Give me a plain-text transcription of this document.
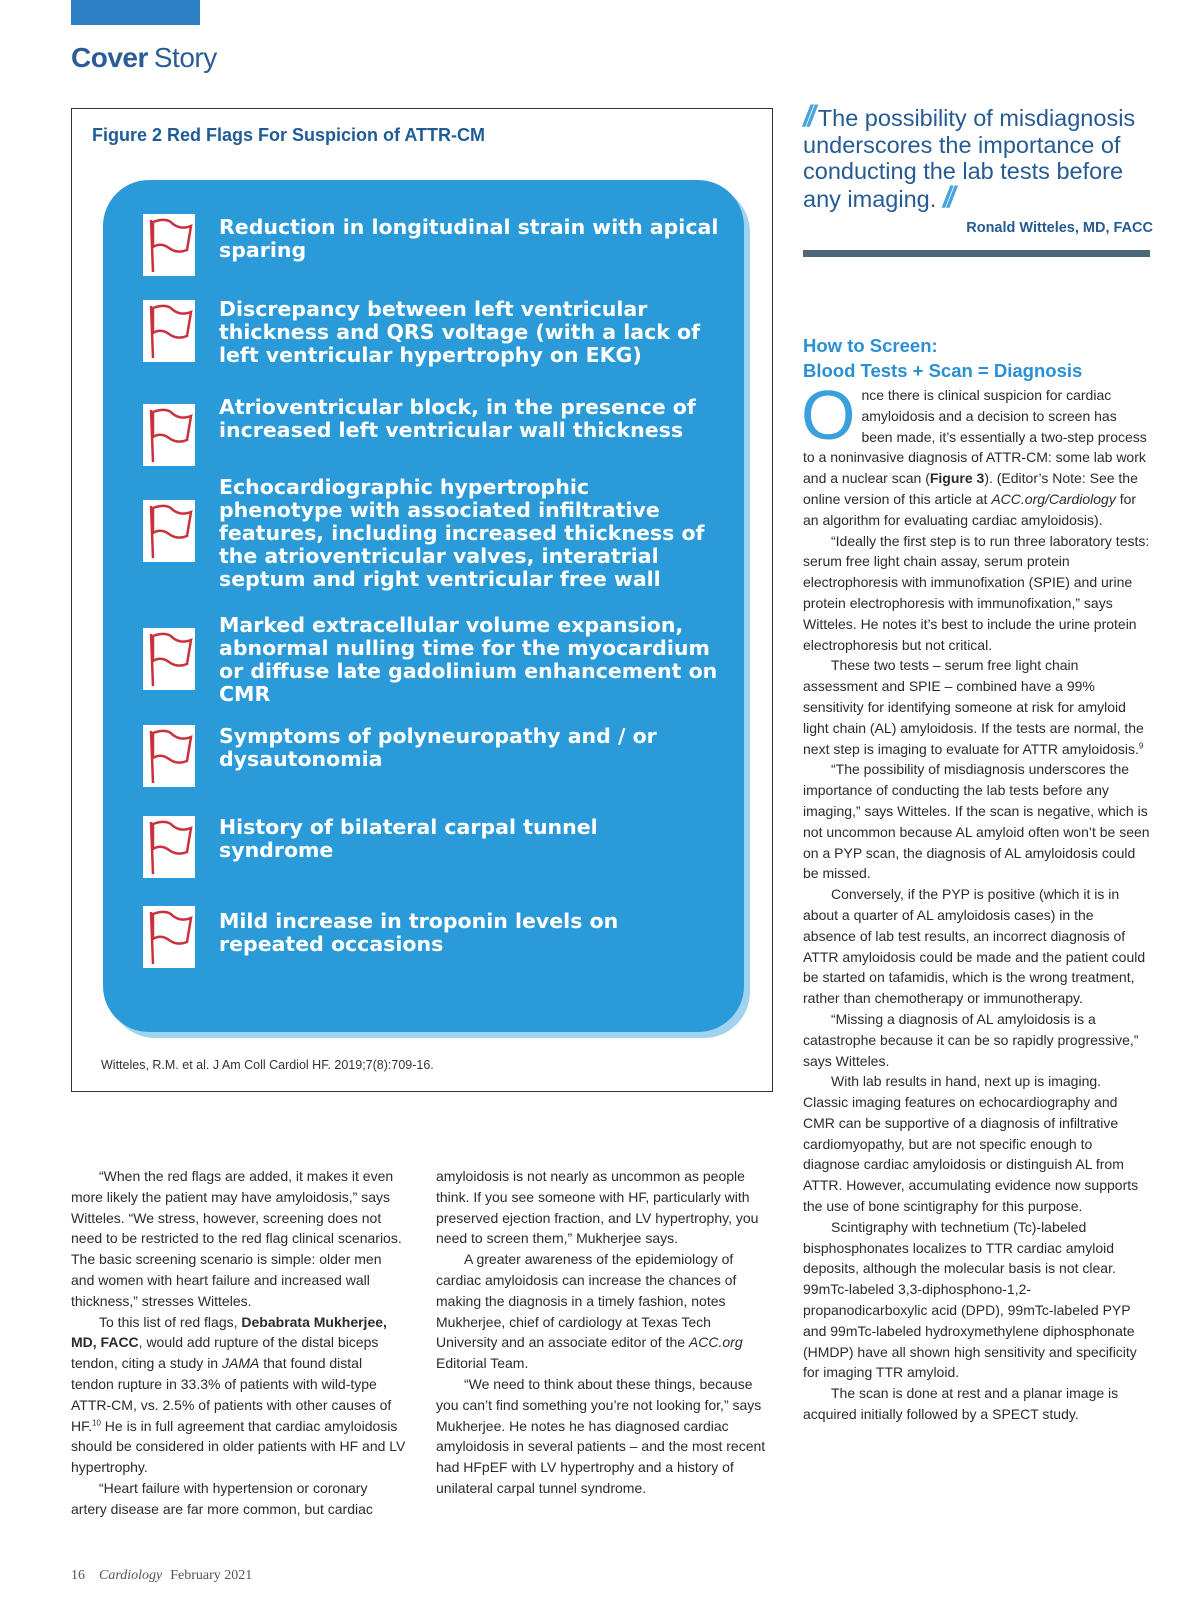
Cover Story
Figure 2 Red Flags For Suspicion of ATTR-CM
Reduction in longitudinal strain with apical sparing
Discrepancy between left ventricular thickness and QRS voltage (with a lack of left ventricular hypertrophy on EKG)
Atrioventricular block, in the presence of increased left ventricular wall thickness
Echocardiographic hypertrophic phenotype with associated infiltrative features, including increased thickness of the atrioventricular valves, interatrial septum and right ventricular free wall
Marked extracellular volume expansion, abnormal nulling time for the myocardium or diffuse late gadolinium enhancement on CMR
Symptoms of polyneuropathy and / or dysautonomia
History of bilateral carpal tunnel syndrome
Mild increase in troponin levels on repeated occasions
Witteles, R.M. et al. J Am Coll Cardiol HF. 2019;7(8):709-16.
// The possibility of misdiagnosis underscores the importance of conducting the lab tests before any imaging. //
Ronald Witteles, MD, FACC
How to Screen:
Blood Tests + Scan = Diagnosis

Once there is clinical suspicion for cardiac amyloidosis and a decision to screen has been made, it’s essentially a two-step process to a noninvasive diagnosis of ATTR-CM: some lab work and a nuclear scan (Figure 3). (Editor’s Note: See the online version of this article at ACC.org/Cardiology for an algorithm for evaluating cardiac amyloidosis).

“Ideally the first step is to run three laboratory tests: serum free light chain assay, serum protein electrophoresis with immunofixation (SPIE) and urine protein electrophoresis with immunofixation,” says Witteles. He notes it’s best to include the urine protein electrophoresis but not critical.

These two tests – serum free light chain assessment and SPIE – combined have a 99% sensitivity for identifying someone at risk for amyloid light chain (AL) amyloidosis. If the tests are normal, the next step is imaging to evaluate for ATTR amyloidosis.$^9$

“The possibility of misdiagnosis underscores the importance of conducting the lab tests before any imaging,” says Witteles. If the scan is negative, which is not uncommon because AL amyloid often won’t be seen on a PYP scan, the diagnosis of AL amyloidosis could be missed.

Conversely, if the PYP is positive (which it is in about a quarter of AL amyloidosis cases) in the absence of lab test results, an incorrect diagnosis of ATTR amyloidosis could be made and the patient could be started on tafamidis, which is the wrong treatment, rather than chemotherapy or immunotherapy.

“Missing a diagnosis of AL amyloidosis is a catastrophe because it can be so rapidly progressive,” says Witteles.

With lab results in hand, next up is imaging. Classic imaging features on echocardiography and CMR can be supportive of a diagnosis of infiltrative cardiomyopathy, but are not specific enough to diagnose cardiac amyloidosis or distinguish AL from ATTR. However, accumulating evidence now supports the use of bone scintigraphy for this purpose.

Scintigraphy with technetium (Tc)-labeled bisphosphonates localizes to TTR cardiac amyloid deposits, although the molecular basis is not clear. 99mTc-labeled 3,3-diphosphono-1,2-propanodicarboxylic acid (DPD), 99mTc-labeled PYP and 99mTc-labeled hydroxymethylene diphosphonate (HMDP) have all shown high sensitivity and specificity for imaging TTR amyloid.

The scan is done at rest and a planar image is acquired initially followed by a SPECT study.

“When the red flags are added, it makes it even more likely the patient may have amyloidosis,” says Witteles. “We stress, however, screening does not need to be restricted to the red flag clinical scenarios. The basic screening scenario is simple: older men and women with heart failure and increased wall thickness,” stresses Witteles.

To this list of red flags, Debabrata Mukherjee, MD, FACC, would add rupture of the distal biceps tendon, citing a study in JAMA that found distal tendon rupture in 33.3% of patients with wild-type ATTR-CM, vs. 2.5% of patients with other causes of HF.$^{10}$ He is in full agreement that cardiac amyloidosis should be considered in older patients with HF and LV hypertrophy.

“Heart failure with hypertension or coronary artery disease are far more common, but cardiac

amyloidosis is not nearly as uncommon as people think. If you see someone with HF, particularly with preserved ejection fraction, and LV hypertrophy, you need to screen them,” Mukherjee says.

A greater awareness of the epidemiology of cardiac amyloidosis can increase the chances of making the diagnosis in a timely fashion, notes Mukherjee, chief of cardiology at Texas Tech University and an associate editor of the ACC.org Editorial Team.

“We need to think about these things, because you can’t find something you’re not looking for,” says Mukherjee. He notes he has diagnosed cardiac amyloidosis in several patients – and the most recent had HFpEF with LV hypertrophy and a history of unilateral carpal tunnel syndrome.

16 Cardiology February 2021
